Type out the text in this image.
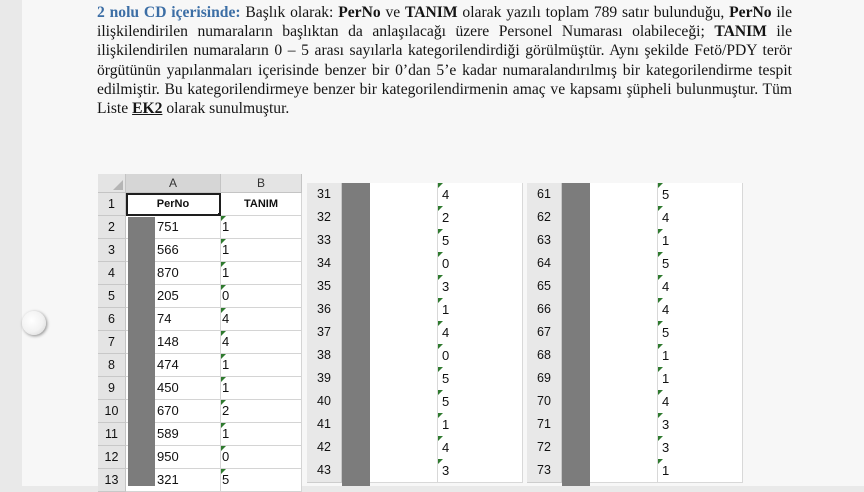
2 nolu CD içerisinde: Başlık olarak: PerNo ve TANIM olarak yazılı toplam 789 satır bulunduğu, PerNo ile ilişkilendirilen numaraların başlıktan da anlaşılacağı üzere Personel Numarası olabileceği; TANIM ile ilişkilendirilen numaraların 0 – 5 arası sayılarla kategorilendirdiği görülmüştür. Aynı şekilde Fetö/PDY terör örgütünün yapılanmaları içerisinde benzer bir 0’dan 5’e kadar numaralandırılmış bir kategorilendirme tespit edilmiştir. Bu kategorilendirmeye benzer bir kategorilendirmenin amaç ve kapsamı şüpheli bulunmuştur. Tüm Liste EK2 olarak sunulmuştur.
A	B
1	PerNo	TANIM
2	751	1
3	566	1
4	870	1
5	205	0
6	74	4
7	148	4
8	474	1
9	450	1
10	670	2
11	589	1
12	950	0
13	321	5
31	4
32	2
33	5
34	0
35	3
36	1
37	4
38	0
39	5
40	5
41	1
42	4
43	3
61	5
62	4
63	1
64	5
65	4
66	4
67	5
68	1
69	1
70	4
71	3
72	3
73	1
